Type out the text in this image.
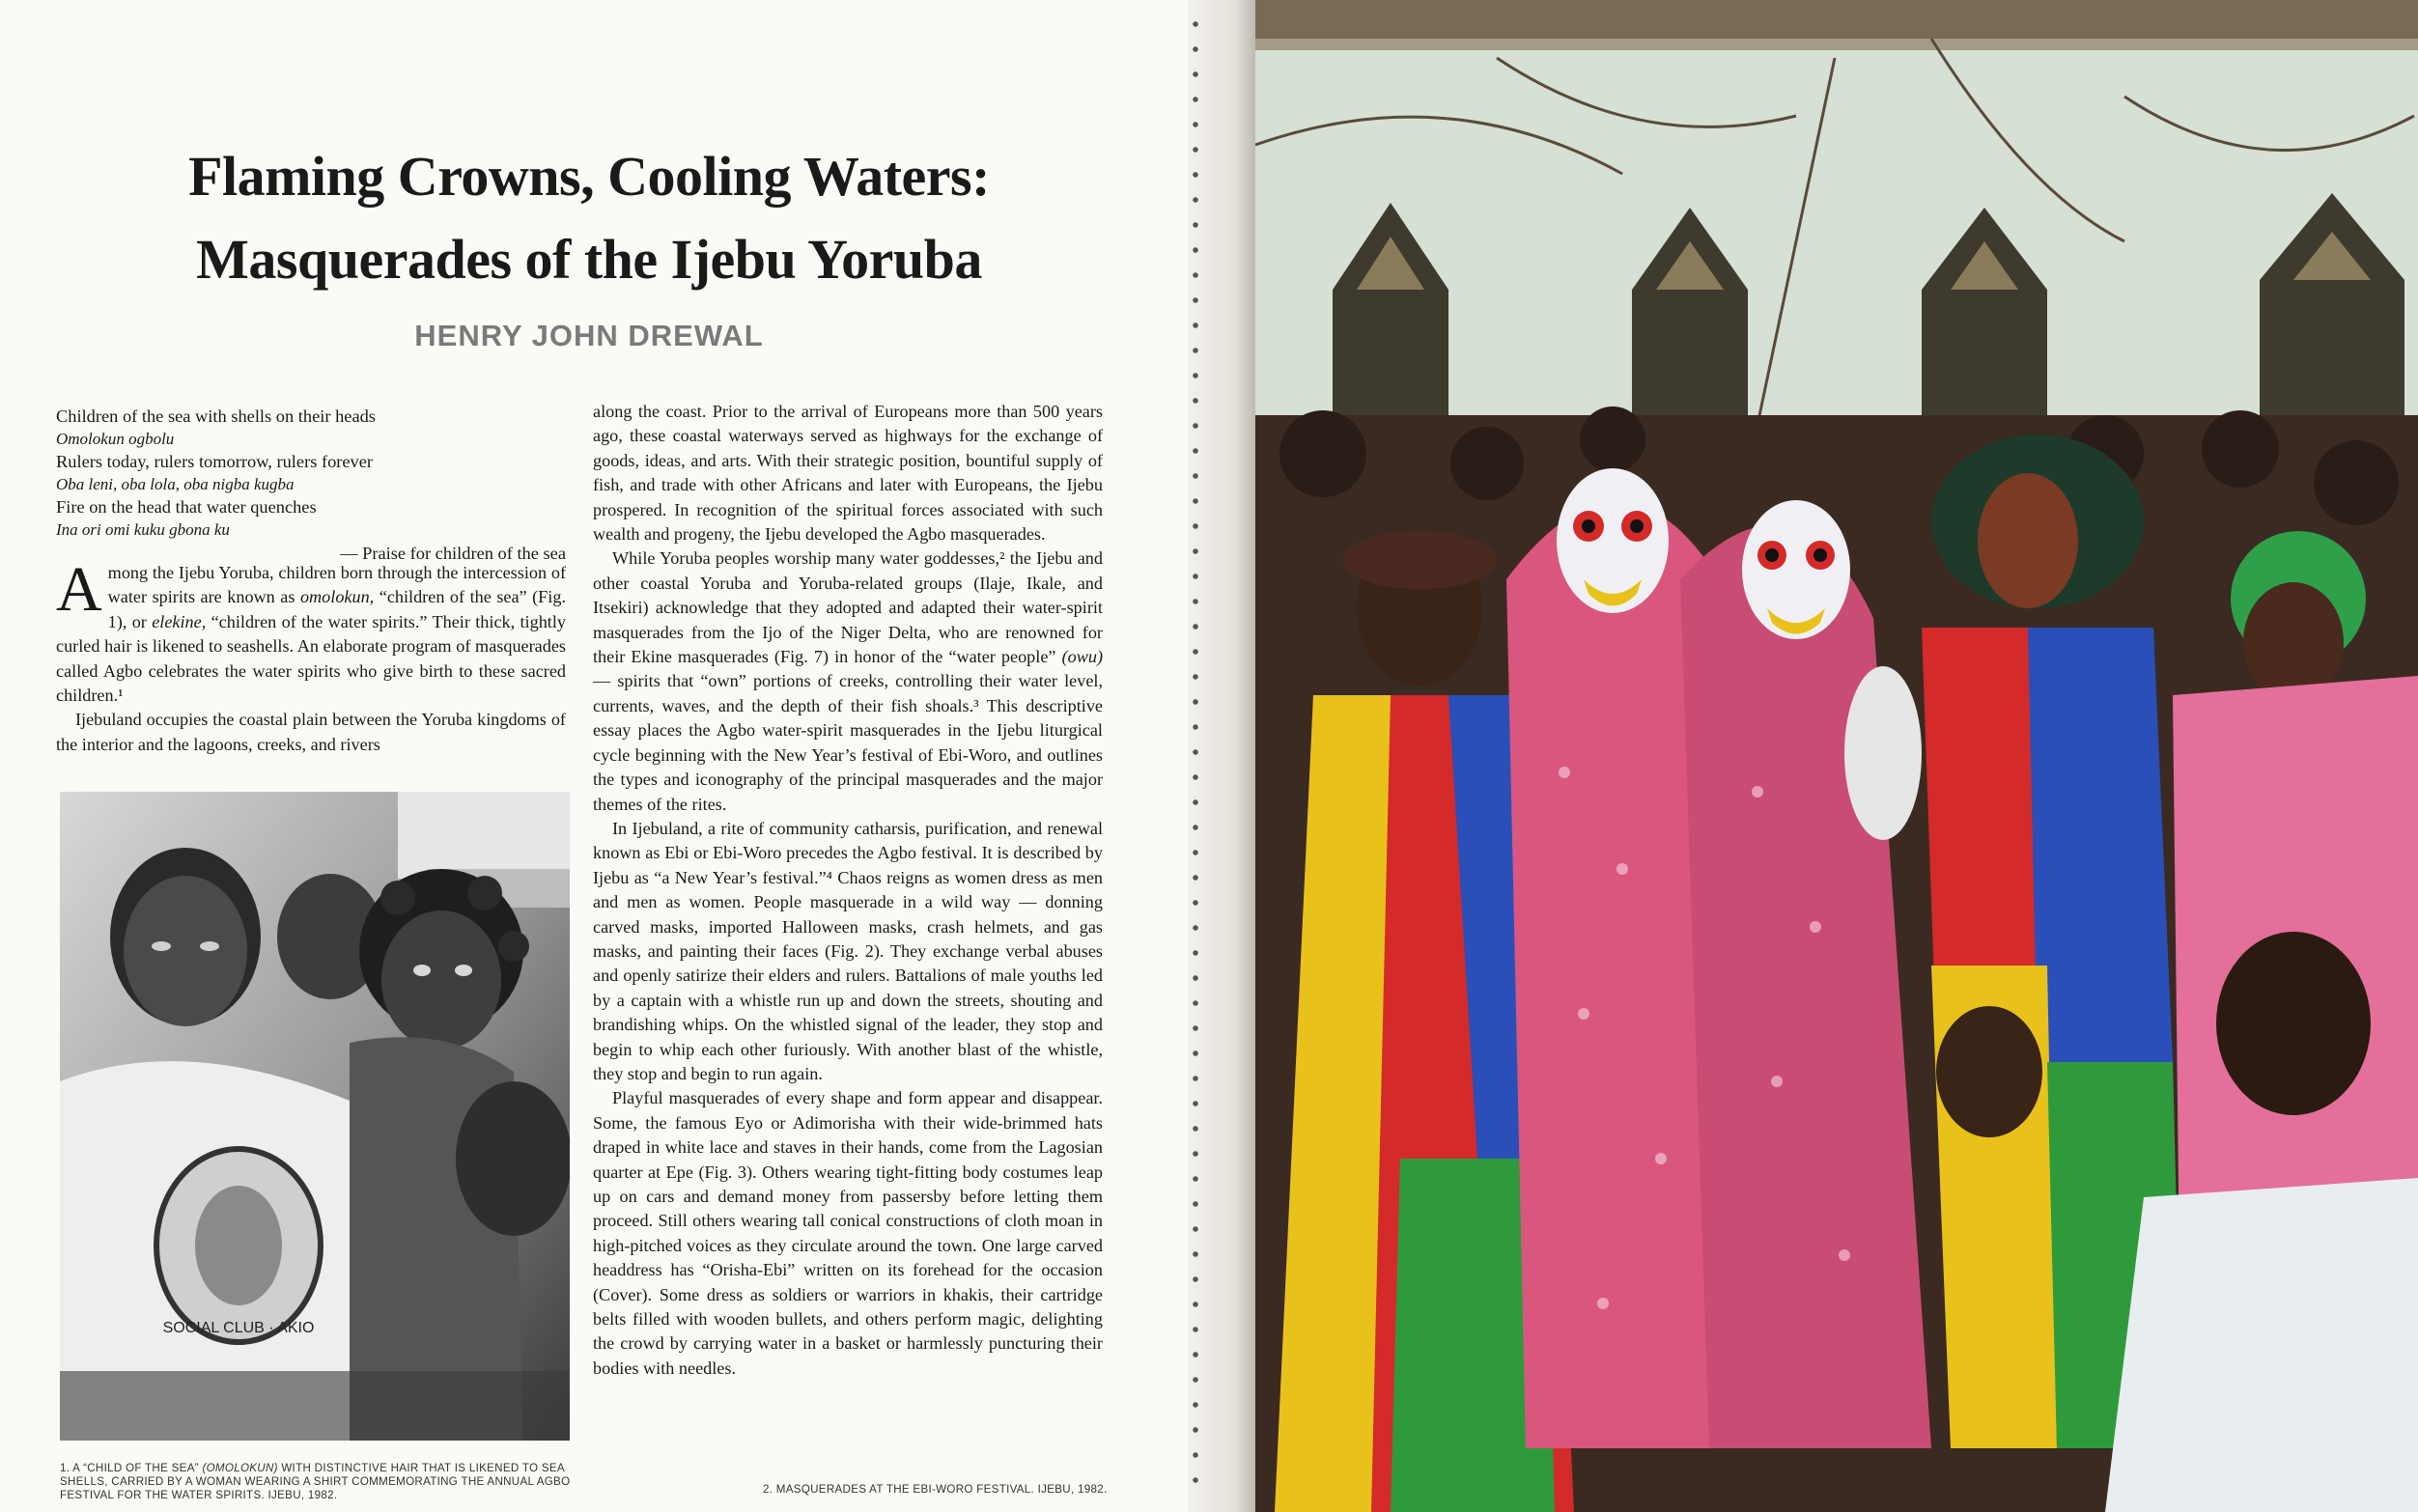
Flaming Crowns, Cooling Waters:
Masquerades of the Ijebu Yoruba
HENRY JOHN DREWAL
Children of the sea with shells on their heads
Omolokun ogbolu
Rulers today, rulers tomorrow, rulers forever
Oba leni, oba lola, oba nigba kugba
Fire on the head that water quenches
Ina ori omi kuku gbona ku
— Praise for children of the sea

Among the Ijebu Yoruba, children born through the intercession of water spirits are known as omolokun, “children of the sea” (Fig. 1), or elekine, “children of the water spirits.” Their thick, tightly curled hair is likened to seashells. An elaborate program of masquerades called Agbo celebrates the water spirits who give birth to these sacred children.¹

Ijebuland occupies the coastal plain between the Yoruba kingdoms of the interior and the lagoons, creeks, and rivers

SOCIAL CLUB · AKIO
1. A “CHILD OF THE SEA” (OMOLOKUN) WITH DISTINCTIVE HAIR THAT IS LIKENED TO SEA SHELLS, CARRIED BY A WOMAN WEARING A SHIRT COMMEMORATING THE ANNUAL AGBO FESTIVAL FOR THE WATER SPIRITS. IJEBU, 1982.

along the coast. Prior to the arrival of Europeans more than 500 years ago, these coastal waterways served as highways for the exchange of goods, ideas, and arts. With their strategic position, bountiful supply of fish, and trade with other Africans and later with Europeans, the Ijebu prospered. In recognition of the spiritual forces associated with such wealth and progeny, the Ijebu developed the Agbo masquerades.

While Yoruba peoples worship many water goddesses,² the Ijebu and other coastal Yoruba and Yoruba-related groups (Ilaje, Ikale, and Itsekiri) acknowledge that they adopted and adapted their water-spirit masquerades from the Ijo of the Niger Delta, who are renowned for their Ekine masquerades (Fig. 7) in honor of the “water people” (owu) — spirits that “own” portions of creeks, controlling their water level, currents, waves, and the depth of their fish shoals.³ This descriptive essay places the Agbo water-spirit masquerades in the Ijebu liturgical cycle beginning with the New Year’s festival of Ebi-Woro, and outlines the types and iconography of the principal masquerades and the major themes of the rites.

In Ijebuland, a rite of community catharsis, purification, and renewal known as Ebi or Ebi-Woro precedes the Agbo festival. It is described by Ijebu as “a New Year’s festival.”⁴ Chaos reigns as women dress as men and men as women. People masquerade in a wild way — donning carved masks, imported Halloween masks, crash helmets, and gas masks, and painting their faces (Fig. 2). They exchange verbal abuses and openly satirize their elders and rulers. Battalions of male youths led by a captain with a whistle run up and down the streets, shouting and brandishing whips. On the whistled signal of the leader, they stop and begin to whip each other furiously. With another blast of the whistle, they stop and begin to run again.

Playful masquerades of every shape and form appear and disappear. Some, the famous Eyo or Adimorisha with their wide-brimmed hats draped in white lace and staves in their hands, come from the Lagosian quarter at Epe (Fig. 3). Others wearing tight-fitting body costumes leap up on cars and demand money from passersby before letting them proceed. Still others wearing tall conical constructions of cloth moan in high-pitched voices as they circulate around the town. One large carved headdress has “Orisha-Ebi” written on its forehead for the occasion (Cover). Some dress as soldiers or warriors in khakis, their cartridge belts filled with wooden bullets, and others perform magic, delighting the crowd by carrying water in a basket or harmlessly puncturing their bodies with needles.

2. MASQUERADES AT THE EBI-WORO FESTIVAL. IJEBU, 1982.
